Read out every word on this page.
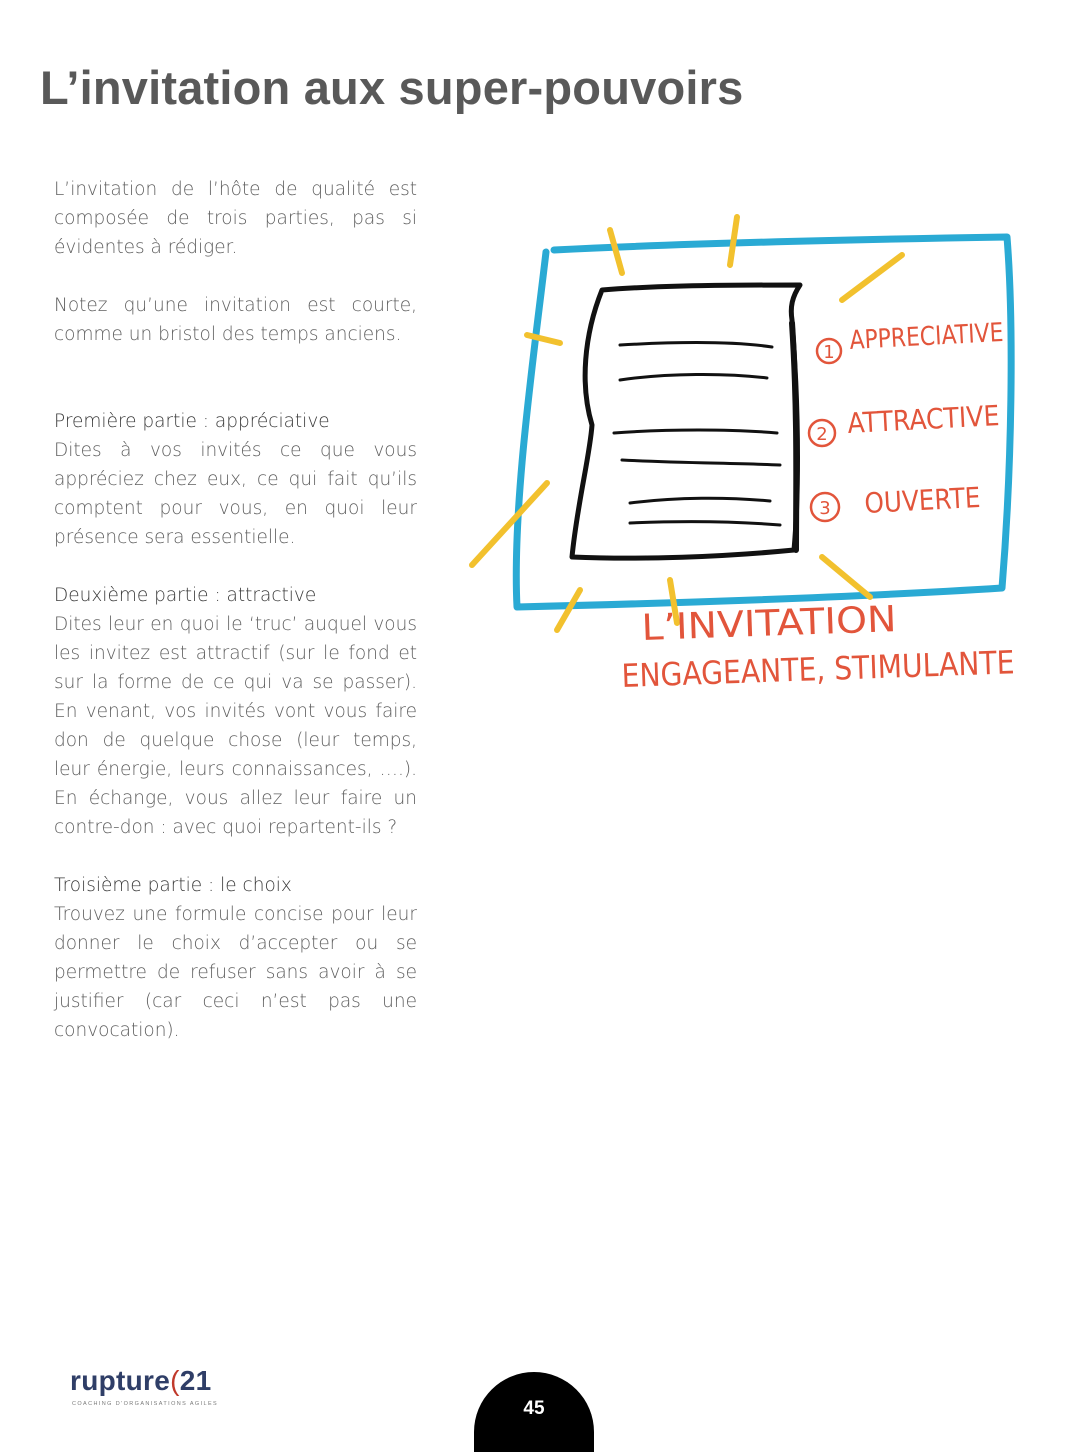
L’invitation aux super-pouvoirs

L’invitation de l’hôte de qualité est composée de trois parties, pas si évidentes à rédiger.

Notez qu’une invitation est courte, comme un bristol des temps anciens.

Première partie : appréciative

Dites à vos invités ce que vous appréciez chez eux, ce qui fait qu’ils comptent pour vous, en quoi leur présence sera essentielle.

Deuxième partie : attractive

Dites leur en quoi le ‘truc’ auquel vous les invitez est attractif (sur le fond et sur la forme de ce qui va se passer). En venant, vos invités vont vous faire don de quelque chose (leur temps, leur énergie, leurs connaissances, ….). En échange, vous allez leur faire un contre-don : avec quoi repartent-ils ?

Troisième partie : le choix

Trouvez une formule concise pour leur donner le choix d’accepter ou se permettre de refuser sans avoir à se justifier (car ceci n’est pas une convocation).

1 APPRECIATIVE
2 ATTRACTIVE
3 OUVERTE
L’INVITATION
ENGAGEANTE, STIMULANTE
rupture(21
COACHING D'ORGANISATIONS AGILES	45
